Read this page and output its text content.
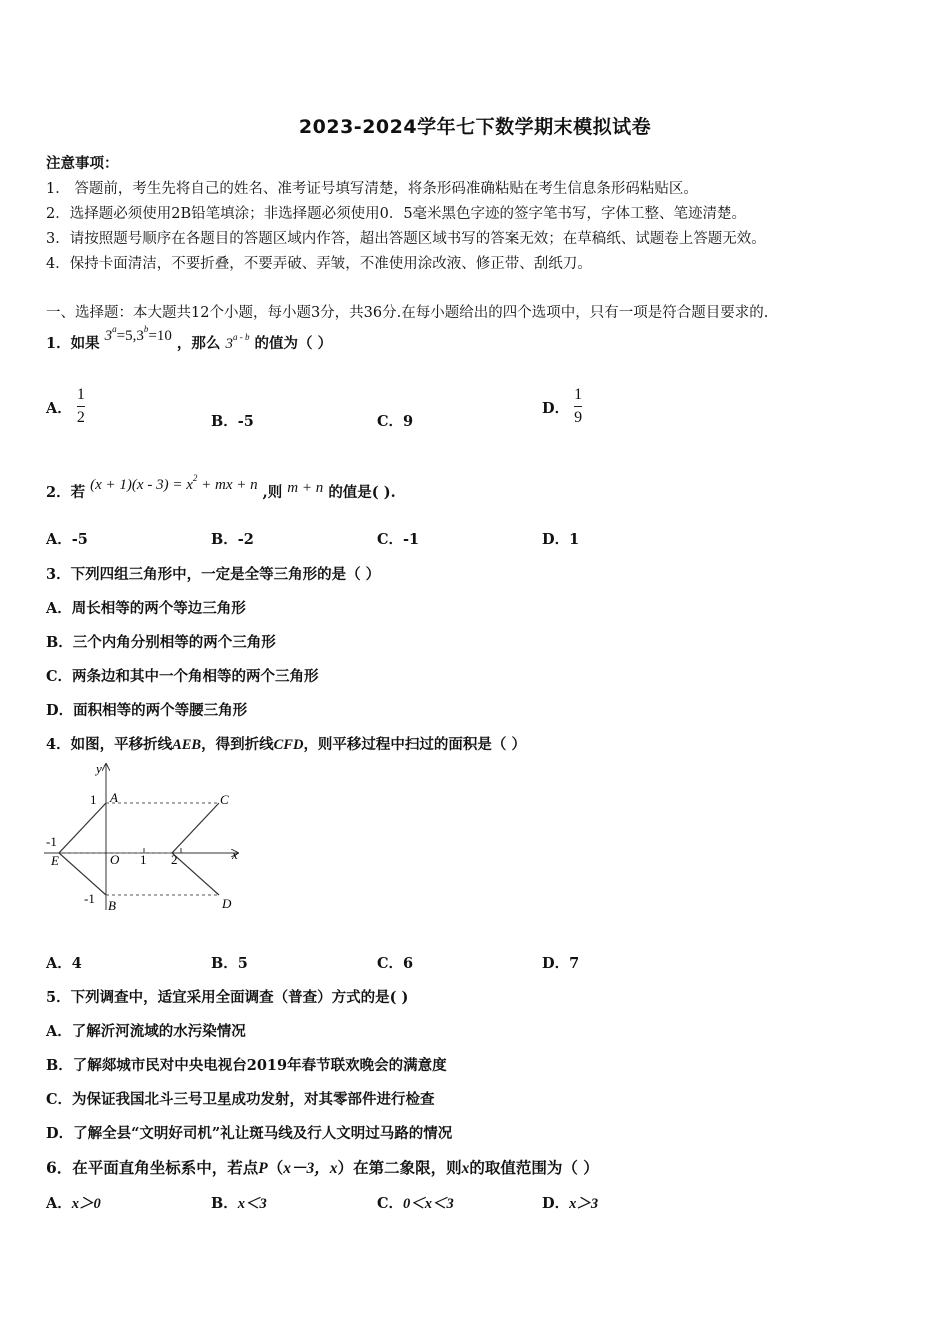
2023-2024学年七下数学期末模拟试卷
注意事项：
1． 答题前，考生先将自己的姓名、准考证号填写清楚，将条形码准确粘贴在考生信息条形码粘贴区。
2．选择题必须使用2B铅笔填涂；非选择题必须使用0．5毫米黑色字迹的签字笔书写，字体工整、笔迹清楚。
3．请按照题号顺序在各题目的答题区域内作答，超出答题区域书写的答案无效；在草稿纸、试题卷上答题无效。
4．保持卡面清洁，不要折叠，不要弄破、弄皱，不准使用涂改液、修正带、刮纸刀。
一、选择题：本大题共12个小题，每小题3分，共36分.在每小题给出的四个选项中，只有一项是符合题目要求的.
1．如果 $3^a=5,3^b=10$ ，那么 3$^{a - b}$ 的值为（ ）
A． $\frac{1}{2}$	B．-5	C．9
D． $\frac{1}{9}$
2．若 $(x + 1)(x - 3) = x^2$ + mx + n ,则 m + n 的值是( ).
A．-5	B．-2	C．-1	D．1
3．下列四组三角形中，一定是全等三角形的是（ ）
A．周长相等的两个等边三角形
B．三个内角分别相等的两个三角形
C．两条边和其中一个角相等的两个三角形
D．面积相等的两个等腰三角形
4．如图，平移折线AEB，得到折线CFD，则平移过程中扫过的面积是（ ）
y
x
O 1 2
1
-1
-1
A
B
C
D
E
A．4	B．5	C．6	D．7
5．下列调查中，适宜采用全面调查（普查）方式的是( )
A．了解沂河流域的水污染情况
B．了解郯城市民对中央电视台2019年春节联欢晚会的满意度
C．为保证我国北斗三号卫星成功发射，对其零部件进行检查
D．了解全县“文明好司机”礼让斑马线及行人文明过马路的情况
6．在平面直角坐标系中，若点P（x－3，x）在第二象限，则x的取值范围为（ ）
A．x＞0	B．x＜3	C．0＜x＜3	D．x＞3
